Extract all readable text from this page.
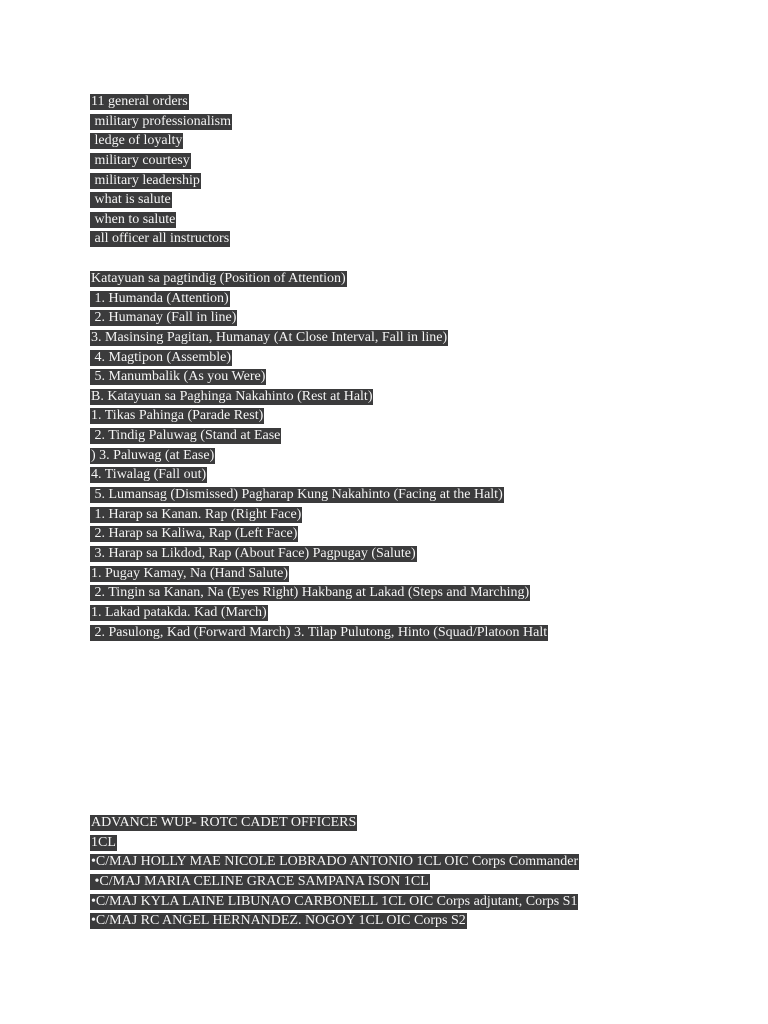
11 general orders
military professionalism
ledge of loyalty
military courtesy
military leadership
what is salute
when to salute
all officer all instructors
Katayuan sa pagtindig (Position of Attention)
1. Humanda (Attention)
2. Humanay (Fall in line)
3. Masinsing Pagitan, Humanay (At Close Interval, Fall in line)
4. Magtipon (Assemble)
5. Manumbalik (As you Were)
B. Katayuan sa Paghinga Nakahinto (Rest at Halt)
1. Tikas Pahinga (Parade Rest)
2. Tindig Paluwag (Stand at Ease
) 3. Paluwag (at Ease)
4. Tiwalag (Fall out)
5. Lumansag (Dismissed) Pagharap Kung Nakahinto (Facing at the Halt)
1. Harap sa Kanan. Rap (Right Face)
2. Harap sa Kaliwa, Rap (Left Face)
3. Harap sa Likdod, Rap (About Face) Pagpugay (Salute)
1. Pugay Kamay, Na (Hand Salute)
2. Tingin sa Kanan, Na (Eyes Right) Hakbang at Lakad (Steps and Marching)
1. Lakad patakda. Kad (March)
2. Pasulong, Kad (Forward March) 3. Tilap Pulutong, Hinto (Squad/Platoon Halt
ADVANCE WUP- ROTC CADET OFFICERS
1CL
•C/MAJ HOLLY MAE NICOLE LOBRADO ANTONIO 1CL OIC Corps Commander
•C/MAJ MARIA CELINE GRACE SAMPANA ISON 1CL
•C/MAJ KYLA LAINE LIBUNAO CARBONELL 1CL OIC Corps adjutant, Corps S1
•C/MAJ RC ANGEL HERNANDEZ. NOGOY 1CL OIC Corps S2
